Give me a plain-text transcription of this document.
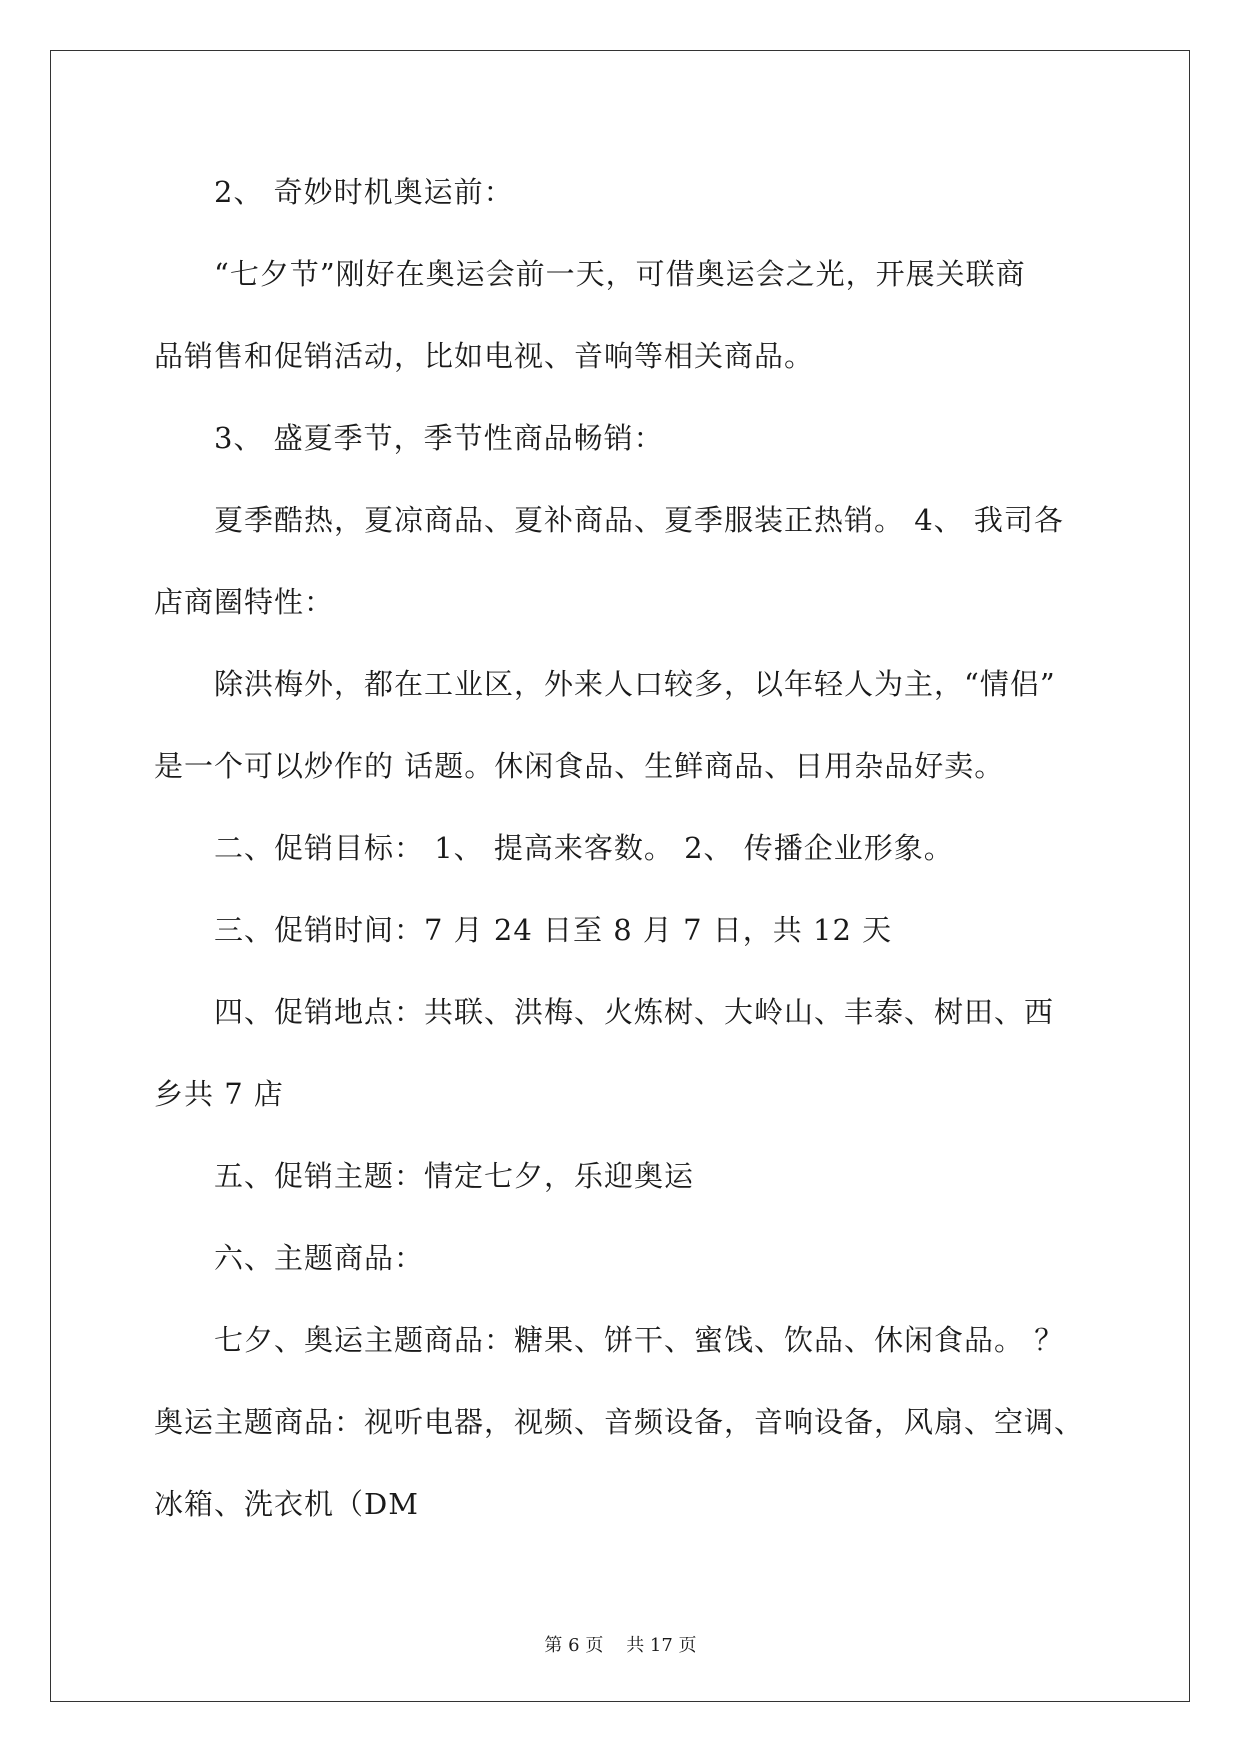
2、 奇妙时机奥运前：
“七夕节”刚好在奥运会前一天，可借奥运会之光，开展关联商
品销售和促销活动，比如电视、音响等相关商品。
3、 盛夏季节，季节性商品畅销：
夏季酷热，夏凉商品、夏补商品、夏季服装正热销。 4、 我司各
店商圈特性：
除洪梅外，都在工业区，外来人口较多，以年轻人为主，“情侣”
是一个可以炒作的 话题。休闲食品、生鲜商品、日用杂品好卖。
二、促销目标： 1、 提高来客数。 2、 传播企业形象。
三、促销时间：7 月 24 日至 8 月 7 日，共 12 天
四、促销地点：共联、洪梅、火炼树、大岭山、丰泰、树田、西
乡共 7 店
五、促销主题：情定七夕，乐迎奥运
六、主题商品：
七夕、奥运主题商品：糖果、饼干、蜜饯、饮品、休闲食品。 ？
奥运主题商品：视听电器，视频、音频设备，音响设备，风扇、空调、
冰箱、洗衣机（DM
第 6 页    共 17 页
